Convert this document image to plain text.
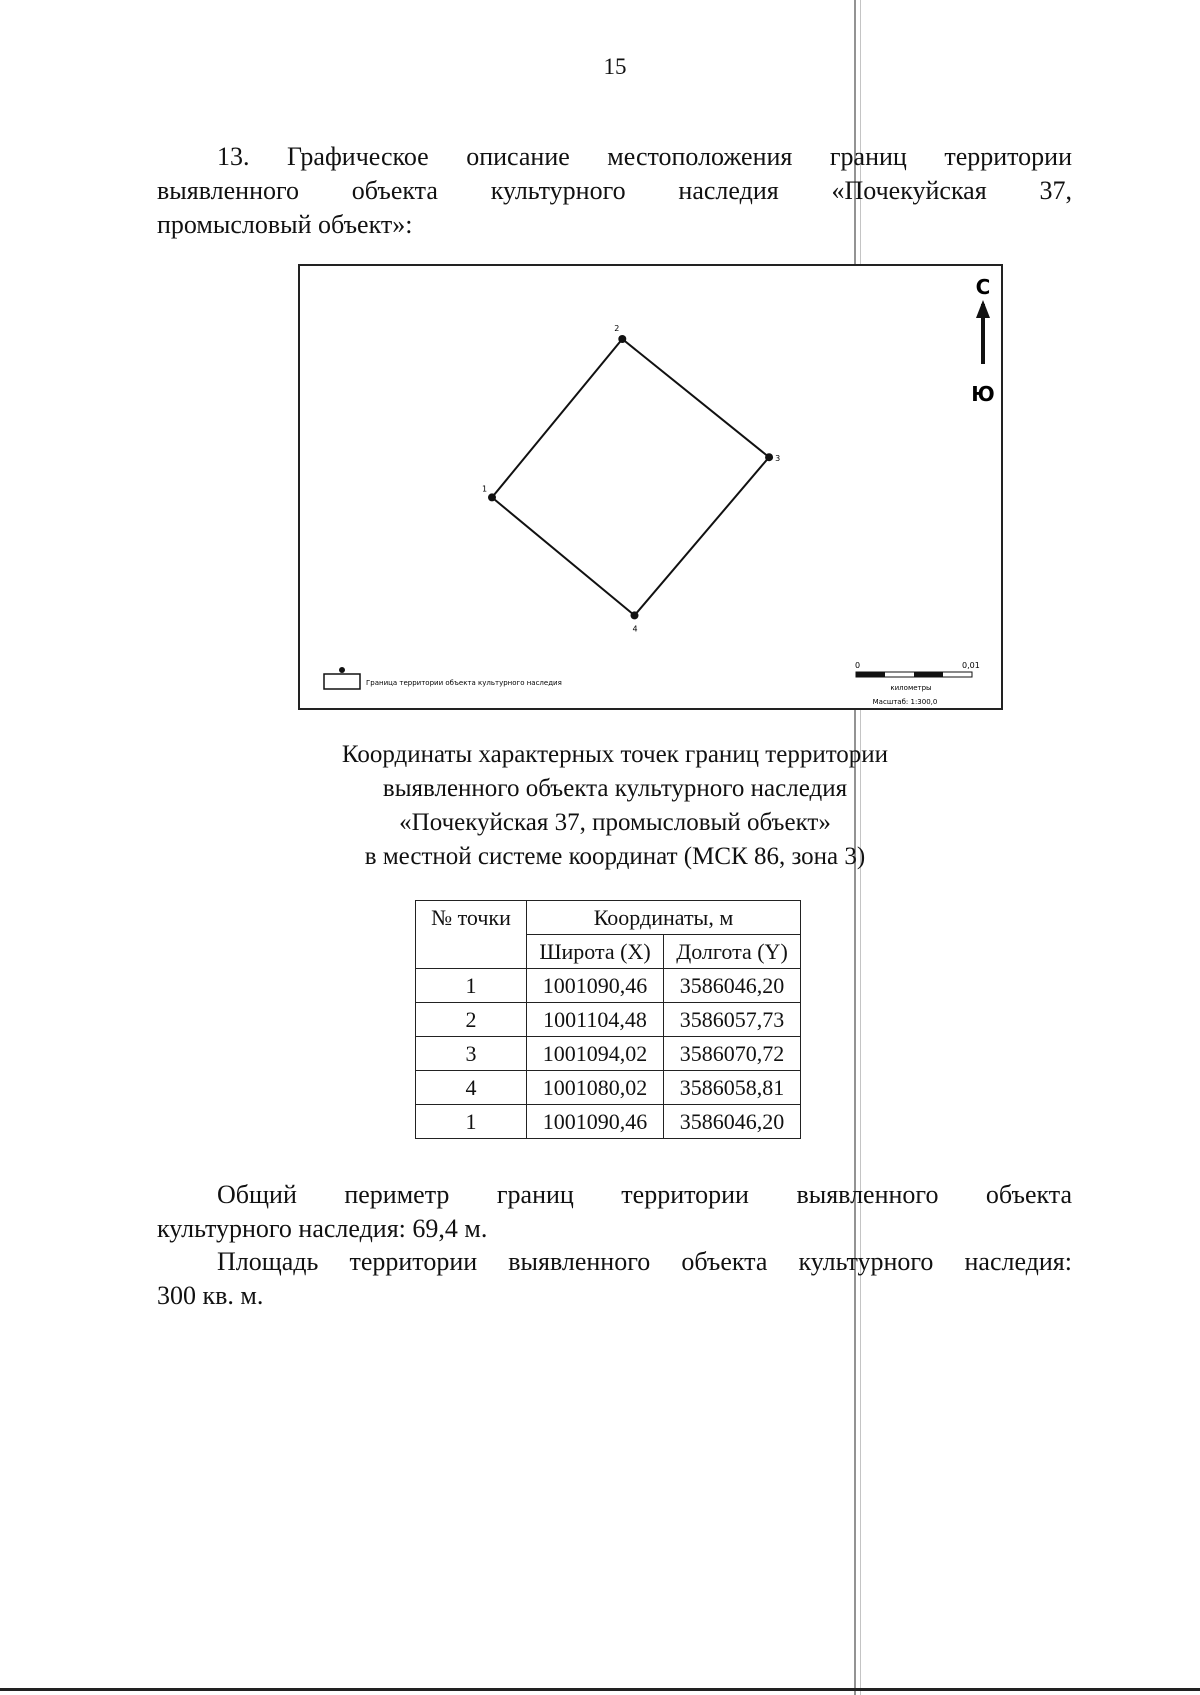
15
13. Графическое описание местоположения границ территории
выявленного объекта культурного наследия «Почекуйская 37,
промысловый объект»:
1
2
3
4
С
Ю
Граница территории объекта культурного наследия
0	0,01
километры
Масштаб: 1:300,0
Координаты характерных точек границ территории
выявленного объекта культурного наследия
«Почекуйская 37, промысловый объект»
в местной системе координат (МСК 86, зона 3)
№ точки	Координаты, м	
	Широта (X)	Долгота (Y)
1	1001090,46	3586046,20
2	1001104,48	3586057,73
3	1001094,02	3586070,72
4	1001080,02	3586058,81
1	1001090,46	3586046,20
Общий периметр границ территории выявленного объекта
культурного наследия: 69,4 м.
Площадь территории выявленного объекта культурного наследия:
300 кв. м.
